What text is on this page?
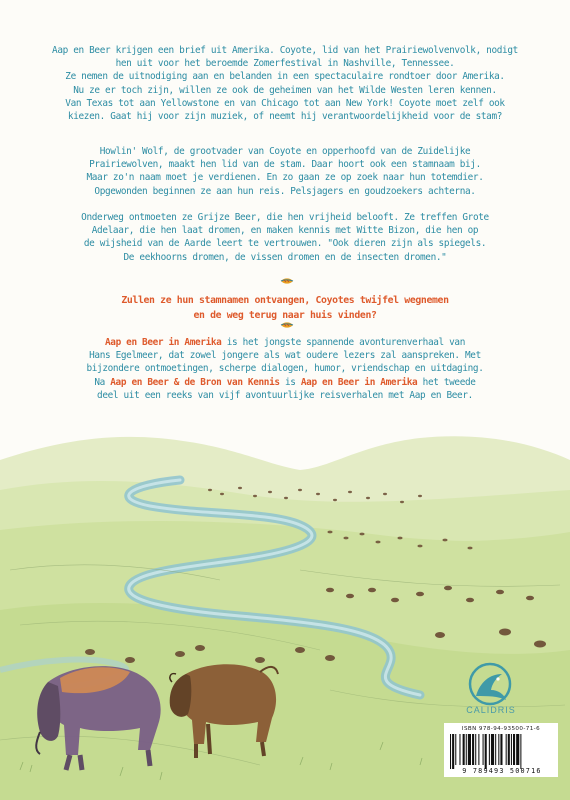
Aap en Beer krijgen een brief uit Amerika. Coyote, lid van het Prairiewolvenvolk, nodigt

hen uit voor het beroemde Zomerfestival in Nashville, Tennessee.

Ze nemen de uitnodiging aan en belanden in een spectaculaire rondtoer door Amerika.

Nu ze er toch zijn, willen ze ook de geheimen van het Wilde Westen leren kennen.

Van Texas tot aan Yellowstone en van Chicago tot aan New York! Coyote moet zelf ook

kiezen. Gaat hij voor zijn muziek, of neemt hij verantwoordelijkheid voor de stam?

Howlin' Wolf, de grootvader van Coyote en opperhoofd van de Zuidelijke

Prairiewolven, maakt hen lid van de stam. Daar hoort ook een stamnaam bij.

Maar zo'n naam moet je verdienen. En zo gaan ze op zoek naar hun totemdier.

Opgewonden beginnen ze aan hun reis. Pelsjagers en goudzoekers achterna.

Onderweg ontmoeten ze Grijze Beer, die hen vrijheid belooft. Ze treffen Grote

Adelaar, die hen laat dromen, en maken kennis met Witte Bizon, die hen op

de wijsheid van de Aarde leert te vertrouwen. "Ook dieren zijn als spiegels.

De eekhoorns dromen, de vissen dromen en de insecten dromen."

Zullen ze hun stamnamen ontvangen, Coyotes twijfel wegnemen

en de weg terug naar huis vinden?

Aap en Beer in Amerika is het jongste spannende avonturenverhaal van

Hans Egelmeer, dat zowel jongere als wat oudere lezers zal aanspreken. Met

bijzondere ontmoetingen, scherpe dialogen, humor, vriendschap en uitdaging.

Na Aap en Beer & de Bron van Kennis is Aap en Beer in Amerika het tweede

deel uit een reeks van vijf avontuurlijke reisverhalen met Aap en Beer.

CALIDRIS
ISBN 978-94-93500-71-6
9 789493 500716
